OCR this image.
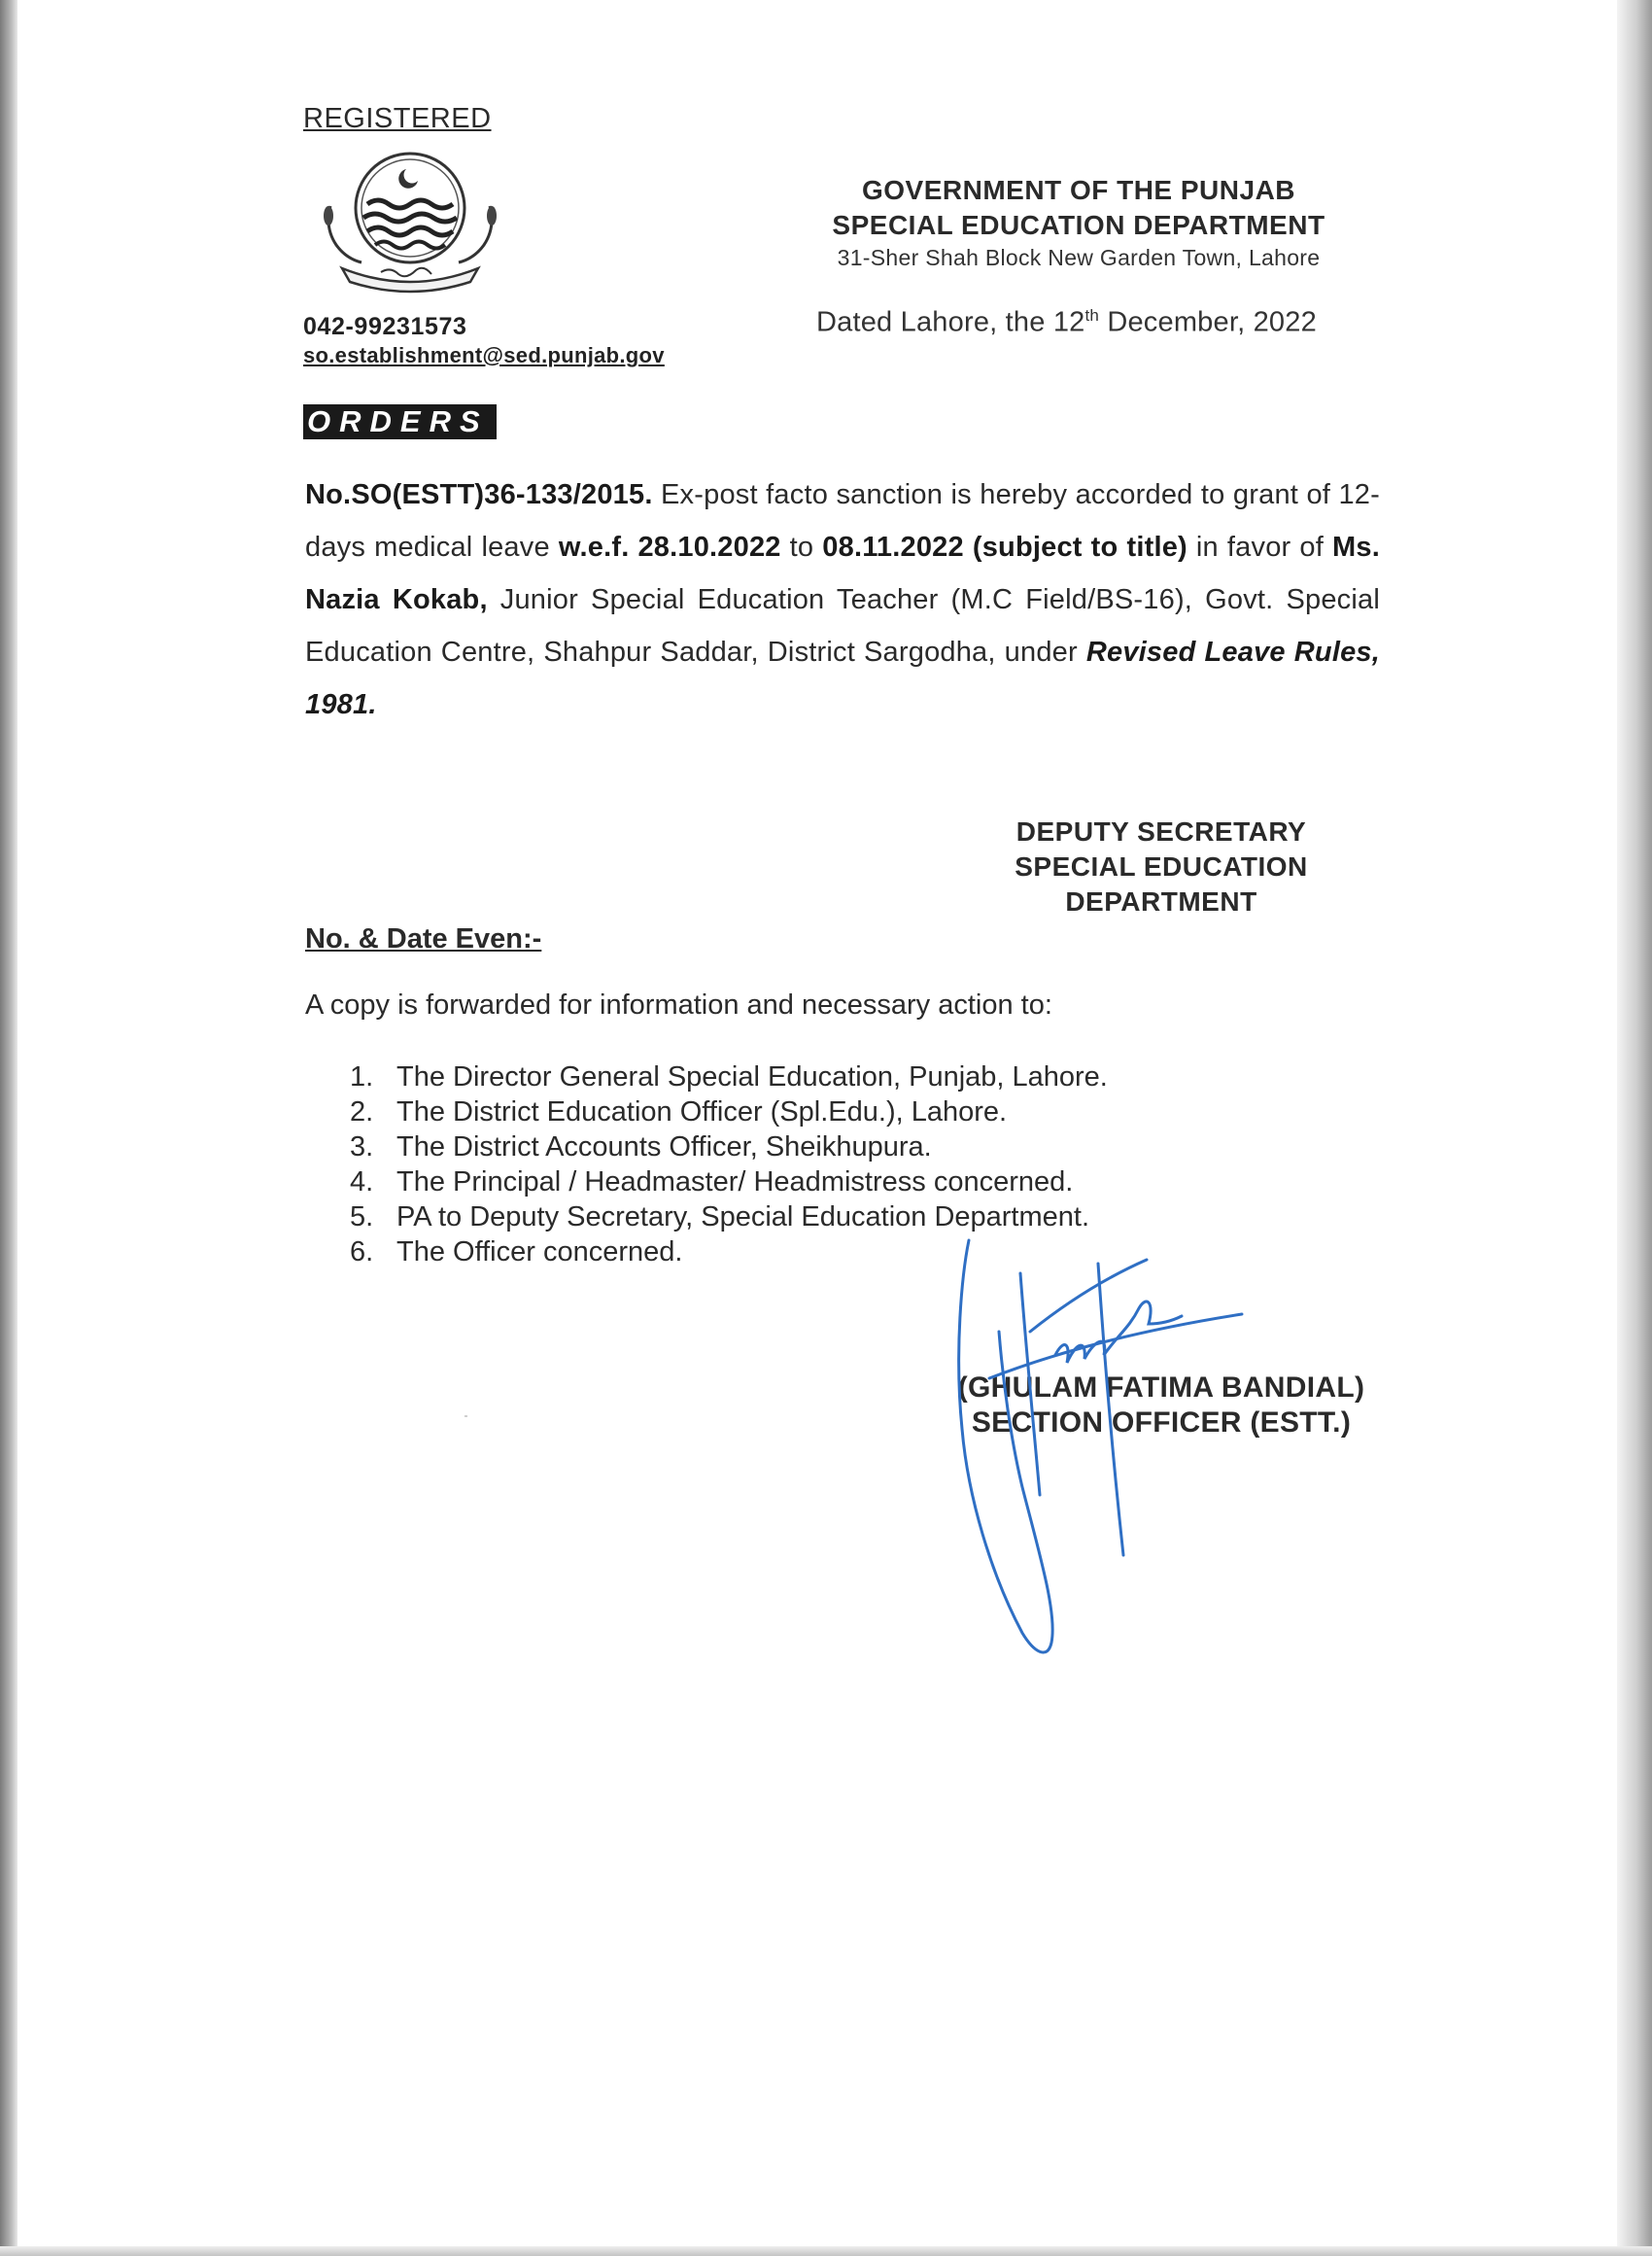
REGISTERED
042-99231573
so.establishment@sed.punjab.gov
GOVERNMENT OF THE PUNJAB
SPECIAL EDUCATION DEPARTMENT
31-Sher Shah Block New Garden Town, Lahore
Dated Lahore, the 12th December, 2022
ORDERS
No.SO(ESTT)36-133/2015. Ex-post facto sanction is hereby accorded to grant of 12-days medical leave w.e.f. 28.10.2022 to 08.11.2022 (subject to title) in favor of Ms. Nazia Kokab, Junior Special Education Teacher (M.C Field/BS-16), Govt. Special Education Centre, Shahpur Saddar, District Sargodha, under Revised Leave Rules, 1981.
DEPUTY SECRETARY
SPECIAL EDUCATION
DEPARTMENT
No. & Date Even:-
A copy is forwarded for information and necessary action to:
1. The Director General Special Education, Punjab, Lahore.
2. The District Education Officer (Spl.Edu.), Lahore.
3. The District Accounts Officer, Sheikhupura.
4. The Principal / Headmaster/ Headmistress concerned.
5. PA to Deputy Secretary, Special Education Department.
6. The Officer concerned.
(GHULAM FATIMA BANDIAL)
SECTION OFFICER (ESTT.)
